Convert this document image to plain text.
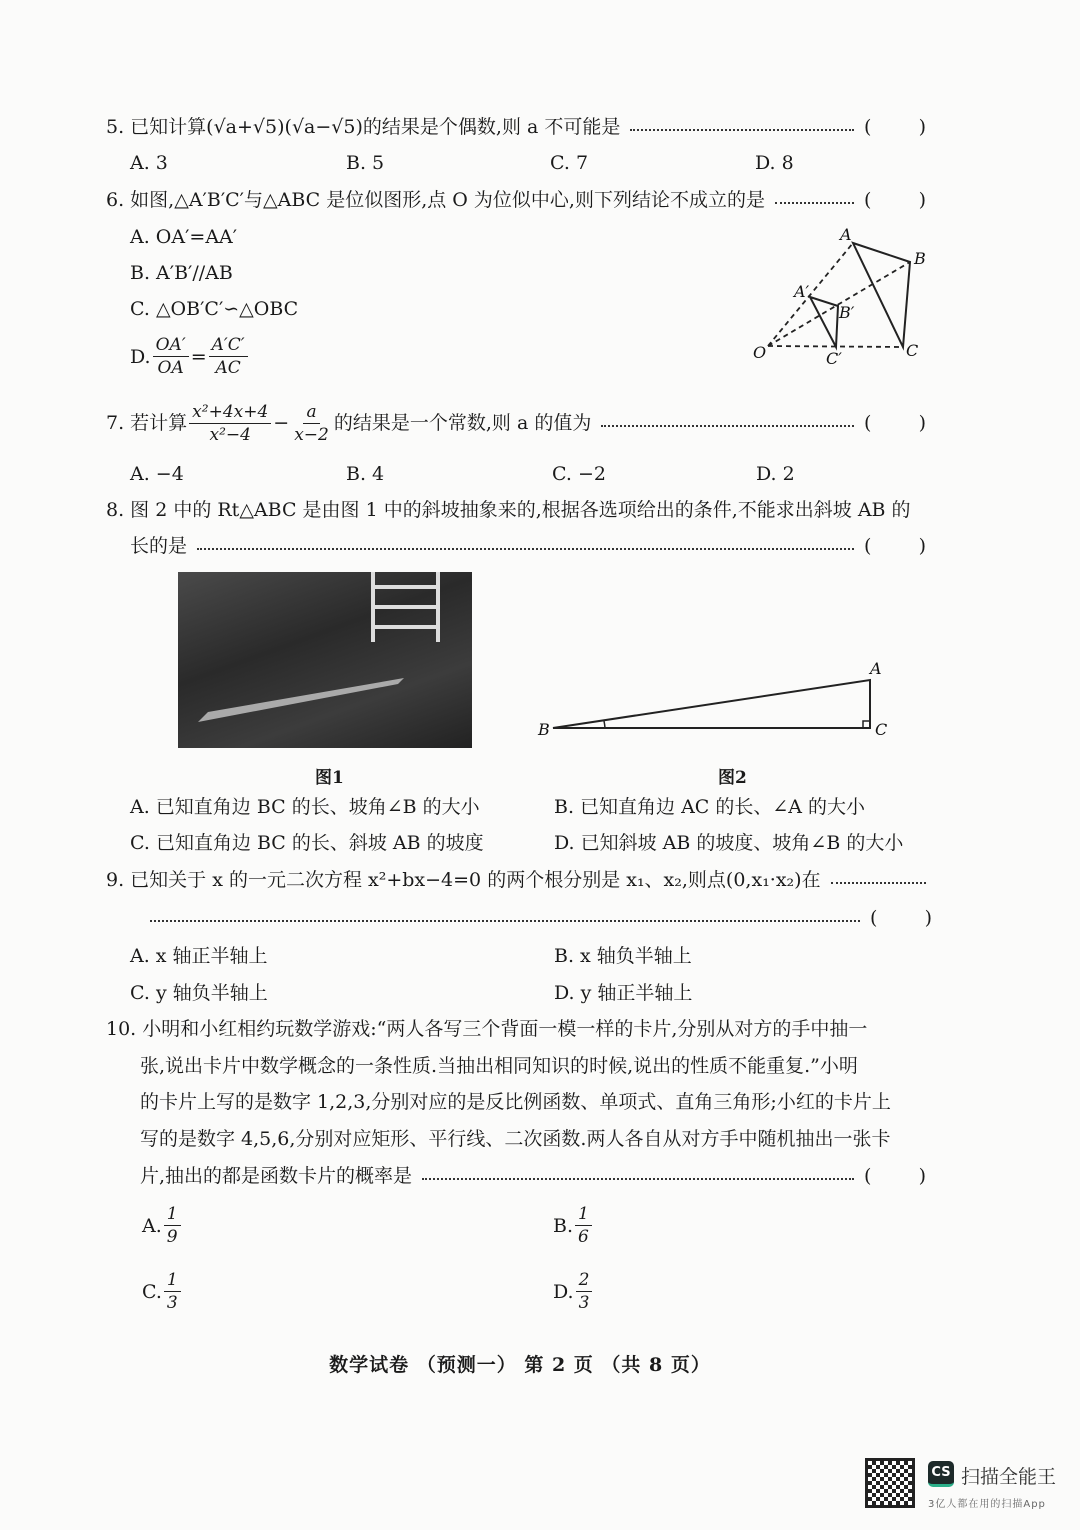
5. 已知计算(√a+√5)(√a−√5)的结果是个偶数,则 a 不可能是	( )
A. 3	B. 5	C. 7	D. 8
6. 如图,△A′B′C′与△ABC 是位似图形,点 O 为位似中心,则下列结论不成立的是	( )
A. OA′=AA′
B. A′B′//AB
C. △OB′C′∽△OBC
D. $\frac{OA'}{OA} = \frac{A'C'}{AC}$
A
B
C
A′
B′
C′
O
7. 若计算 $\frac{\text{x²+4x+4}}{\text{x²−4}} - \frac{a}{x-2}$ 的结果是一个常数,则 a 的值为	( )
A. −4	B. 4	C. −2	D. 2
8. 图 2 中的 Rt△ABC 是由图 1 中的斜坡抽象来的,根据各选项给出的条件,不能求出斜坡 AB 的
长的是	( )
B
A
C
图1	图2
A. 已知直角边 BC 的长、坡角∠B 的大小	B. 已知直角边 AC 的长、∠A 的大小
C. 已知直角边 BC 的长、斜坡 AB 的坡度	D. 已知斜坡 AB 的坡度、坡角∠B 的大小
9. 已知关于 x 的一元二次方程 x²+bx−4=0 的两个根分别是 x₁、x₂,则点(0,x₁·x₂)在
( )
A. x 轴正半轴上	B. x 轴负半轴上
C. y 轴负半轴上	D. y 轴正半轴上
10. 小明和小红相约玩数学游戏:“两人各写三个背面一模一样的卡片,分别从对方的手中抽一
张,说出卡片中数学概念的一条性质.当抽出相同知识的时候,说出的性质不能重复.”小明
的卡片上写的是数字 1,2,3,分别对应的是反比例函数、单项式、直角三角形;小红的卡片上
写的是数字 4,5,6,分别对应矩形、平行线、二次函数.两人各自从对方手中随机抽出一张卡
片,抽出的都是函数卡片的概率是	( )
A. $\frac{1}{9}$	B. $\frac{1}{6}$
C. $\frac{1}{3}$	D. $\frac{2}{3}$
数学试卷 （预测一） 第 2 页 （共 8 页）
CS 扫描全能王
3亿人都在用的扫描App
